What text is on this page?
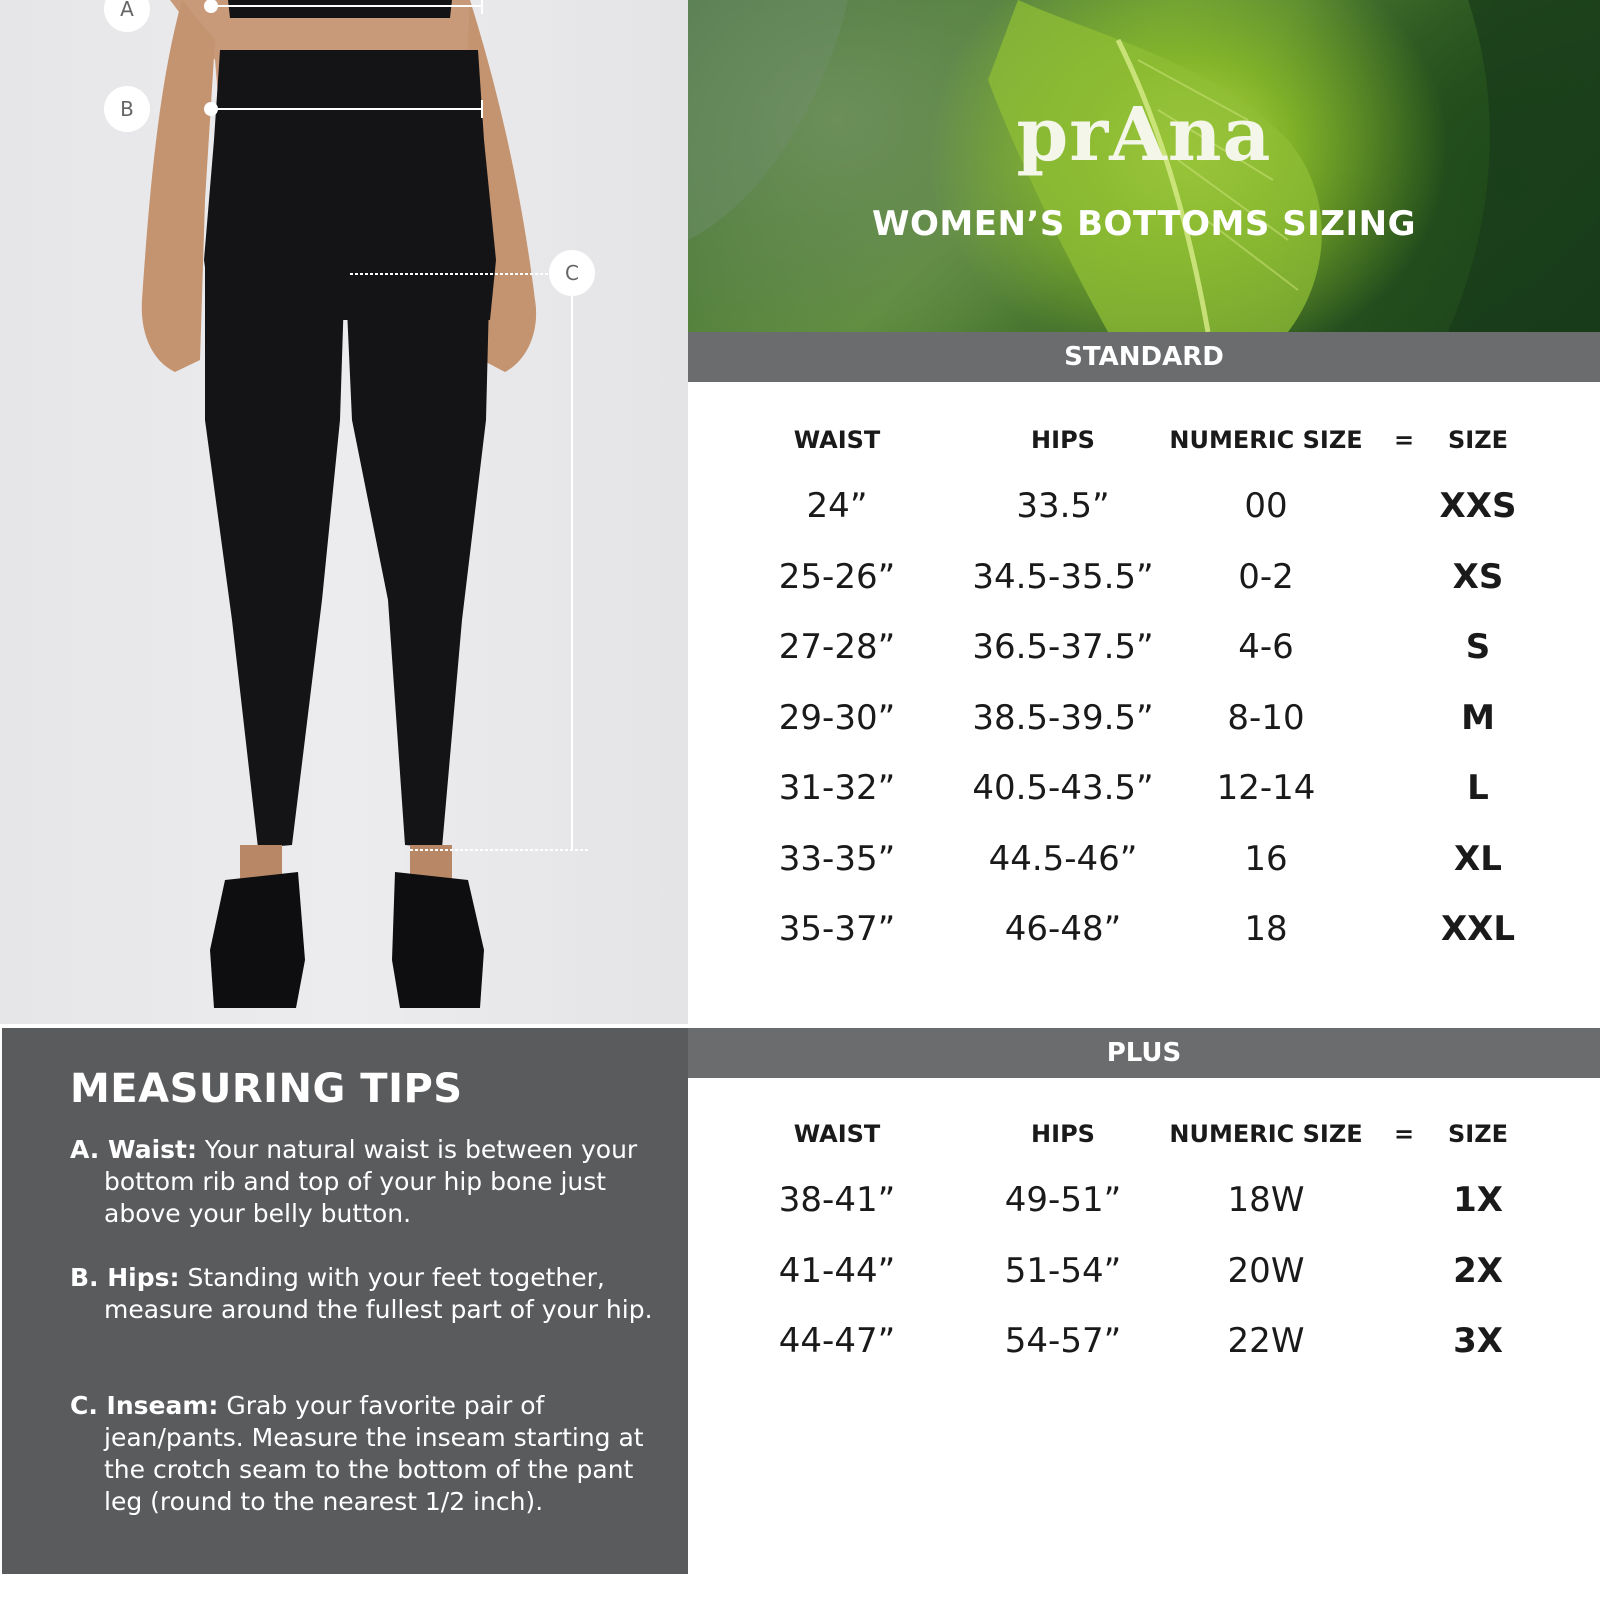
A
B
C
MEASURING TIPS
A. Waist: Your natural waist is between your bottom rib and top of your hip bone just above your belly button.
B. Hips: Standing with your feet together, measure around the fullest part of your hip.
C. Inseam: Grab your favorite pair of jean/pants. Measure the inseam starting at the crotch seam to the bottom of the pant leg (round to the nearest 1/2 inch).
prAna
WOMEN’S BOTTOMS SIZING
STANDARD
WAIST	HIPS	NUMERIC SIZE = SIZE
24”	33.5”	00	XXS
25-26” 34.5-35.5” 0-2	XS
27-28” 36.5-37.5” 4-6	S
29-30” 38.5-39.5” 8-10	M
31-32” 40.5-43.5” 12-14	L
33-35”	44.5-46”	16	XL
35-37”	46-48”	18	XXL
PLUS
WAIST	HIPS	NUMERIC SIZE = SIZE
38-41”	49-51”	18W	1X
41-44”	51-54”	20W	2X
44-47”	54-57”	22W	3X
